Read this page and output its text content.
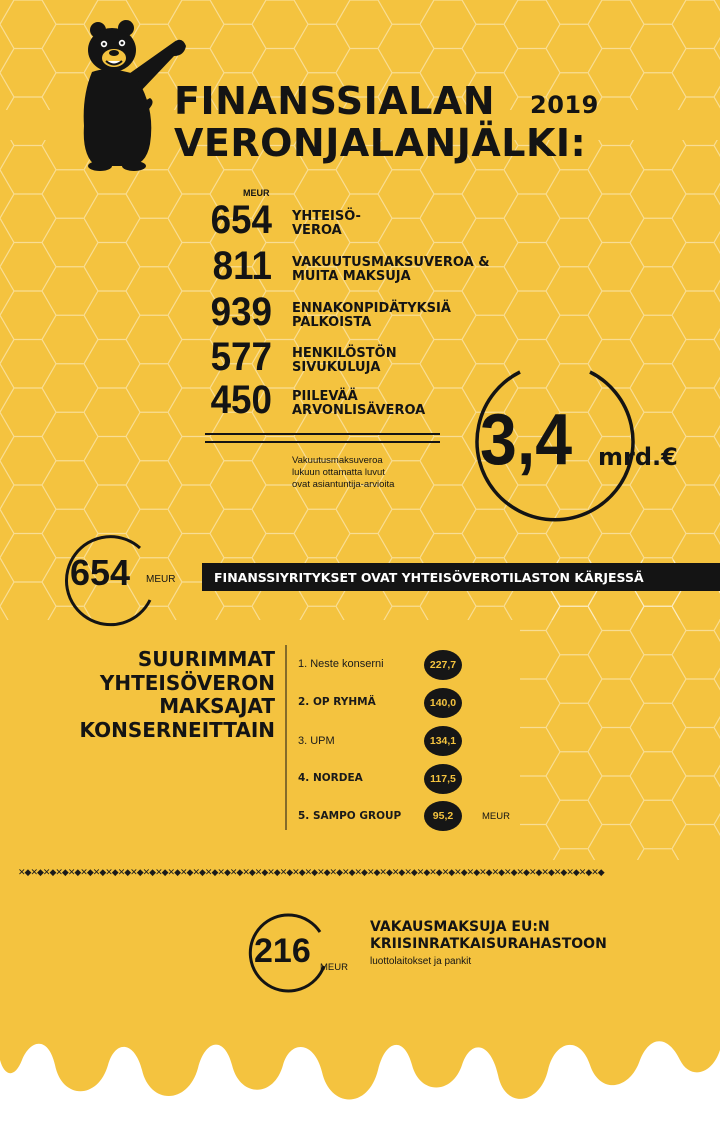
FINANSSIALAN 2019
VERONJALANJÄLKI:
MEUR
654 YHTEISÖ-
VEROA
811 VAKUUTUSMAKSUVEROA &
MUITA MAKSUJA
939 ENNAKONPIDÄTYKSIÄ
PALKOISTA
577 HENKILÖSTÖN
SIVUKULUJA
450 PIILEVÄÄ
ARVONLISÄVEROA
Vakuutusmaksuveroa
lukuun ottamatta luvut
ovat asiantuntija-arvioita
3,4 mrd.€
654 MEUR	FINANSSIYRITYKSET OVAT YHTEISÖVEROTILASTON KÄRJESSÄ
SUURIMMAT
YHTEISÖVERON
MAKSAJAT
KONSERNEITTAIN
1. Neste konserni	227,7
2. OP RYHMÄ	140,0
3. UPM	134,1
4. NORDEA	117,5
5. SAMPO GROUP	95,2	MEUR
✕◆✕◆✕◆✕◆✕◆✕◆✕◆✕◆✕◆✕◆✕◆✕◆✕◆✕◆✕◆✕◆✕◆✕◆✕◆✕◆✕◆✕◆✕◆✕◆✕◆✕◆✕◆✕◆✕◆✕◆✕◆✕◆✕◆✕◆✕◆✕◆✕◆✕◆✕◆✕◆✕◆✕◆✕◆✕◆✕◆✕◆✕◆
216 MEUR
VAKAUSMAKSUJA EU:N
KRIISINRATKAISURAHASTOON
luottolaitokset ja pankit
